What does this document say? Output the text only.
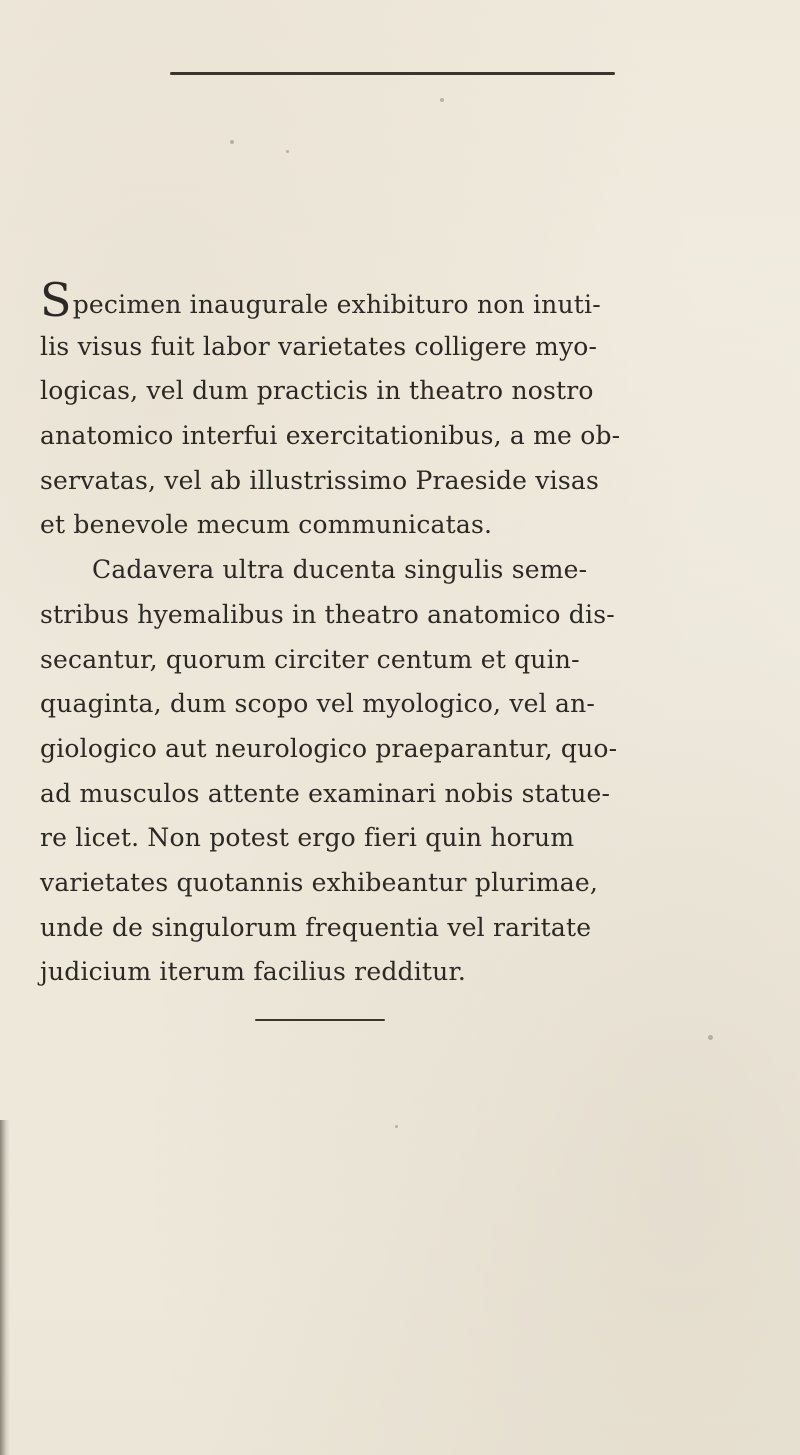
Specimen inaugurale exhibituro non inuti-
lis visus fuit labor varietates colligere myo-
logicas, vel dum practicis in theatro nostro
anatomico interfui exercitationibus, a me ob-
servatas, vel ab illustrissimo Praeside visas
et benevole mecum communicatas.
Cadavera ultra ducenta singulis seme-
stribus hyemalibus in theatro anatomico dis-
secantur, quorum circiter centum et quin-
quaginta, dum scopo vel myologico, vel an-
giologico aut neurologico praeparantur, quo-
ad musculos attente examinari nobis statue-
re licet. Non potest ergo fieri quin horum
varietates quotannis exhibeantur plurimae,
unde de singulorum frequentia vel raritate
judicium iterum facilius redditur.
